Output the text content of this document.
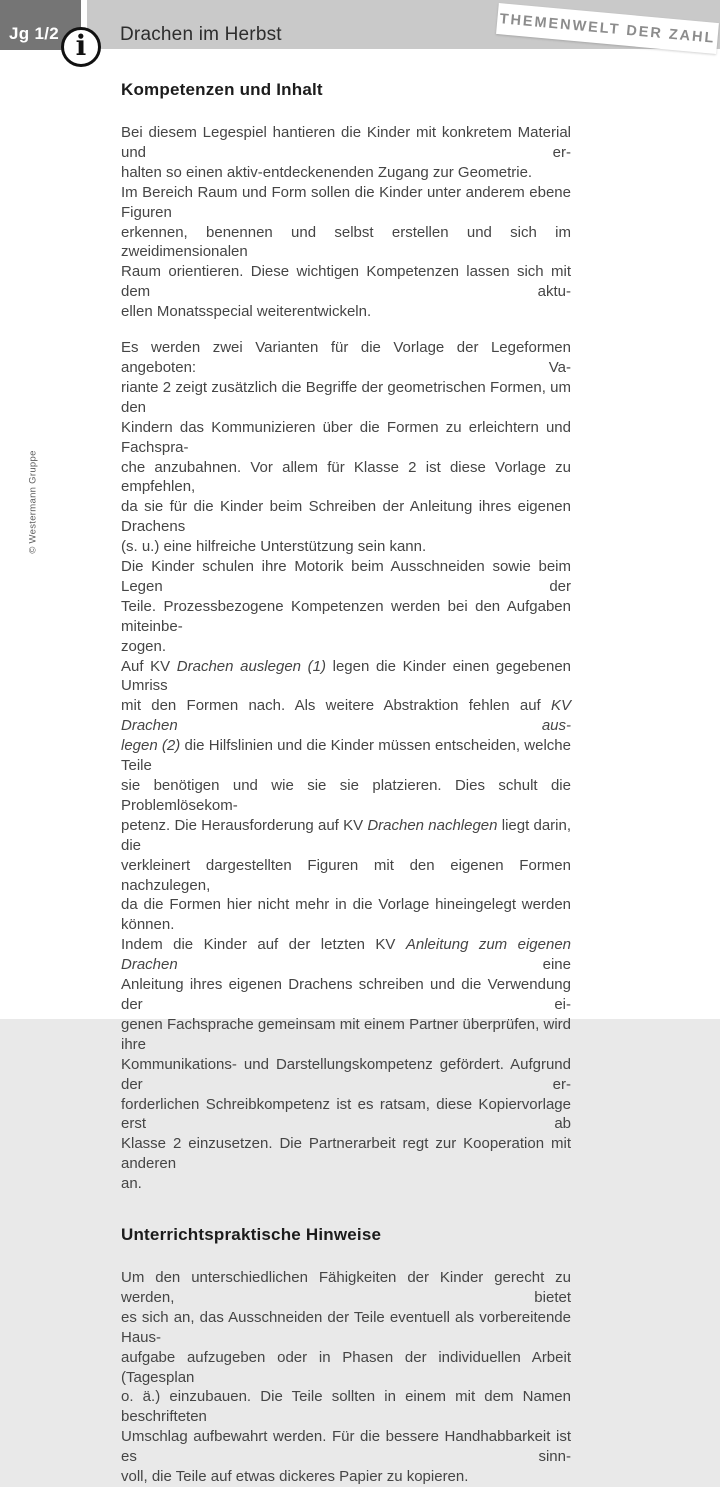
Jg 1/2	Drachen im Herbst
i	THEMENWELT DER ZAHL
© Westermann Gruppe
Kompetenzen und Inhalt
Bei diesem Legespiel hantieren die Kinder mit konkretem Material und er-
halten so einen aktiv-entdeckenenden Zugang zur Geometrie.
Im Bereich Raum und Form sollen die Kinder unter anderem ebene Figuren
erkennen, benennen und selbst erstellen und sich im zweidimensionalen
Raum orientieren. Diese wichtigen Kompetenzen lassen sich mit dem aktu-
ellen Monatsspecial weiterentwickeln.
Es werden zwei Varianten für die Vorlage der Legeformen angeboten: Va-
riante 2 zeigt zusätzlich die Begriffe der geometrischen Formen, um den
Kindern das Kommunizieren über die Formen zu erleichtern und Fachspra-
che anzubahnen. Vor allem für Klasse 2 ist diese Vorlage zu empfehlen,
da sie für die Kinder beim Schreiben der Anleitung ihres eigenen Drachens
(s. u.) eine hilfreiche Unterstützung sein kann.
Die Kinder schulen ihre Motorik beim Ausschneiden sowie beim Legen der
Teile. Prozessbezogene Kompetenzen werden bei den Aufgaben miteinbe-
zogen.
Auf KV Drachen auslegen (1) legen die Kinder einen gegebenen Umriss
mit den Formen nach. Als weitere Abstraktion fehlen auf KV Drachen aus-
legen (2) die Hilfslinien und die Kinder müssen entscheiden, welche Teile
sie benötigen und wie sie sie platzieren. Dies schult die Problemlösekom-
petenz. Die Herausforderung auf KV Drachen nachlegen liegt darin, die
verkleinert dargestellten Figuren mit den eigenen Formen nachzulegen,
da die Formen hier nicht mehr in die Vorlage hineingelegt werden können.
Indem die Kinder auf der letzten KV Anleitung zum eigenen Drachen eine
Anleitung ihres eigenen Drachens schreiben und die Verwendung der ei-
genen Fachsprache gemeinsam mit einem Partner überprüfen, wird ihre
Kommunikations- und Darstellungskompetenz gefördert. Aufgrund der er-
forderlichen Schreibkompetenz ist es ratsam, diese Kopiervorlage erst ab
Klasse 2 einzusetzen. Die Partnerarbeit regt zur Kooperation mit anderen
an.
Unterrichtspraktische Hinweise
Um den unterschiedlichen Fähigkeiten der Kinder gerecht zu werden, bietet
es sich an, das Ausschneiden der Teile eventuell als vorbereitende Haus-
aufgabe aufzugeben oder in Phasen der individuellen Arbeit (Tagesplan
o. ä.) einzubauen. Die Teile sollten in einem mit dem Namen beschrifteten
Umschlag aufbewahrt werden. Für die bessere Handhabbarkeit ist es sinn-
voll, die Teile auf etwas dickeres Papier zu kopieren.
